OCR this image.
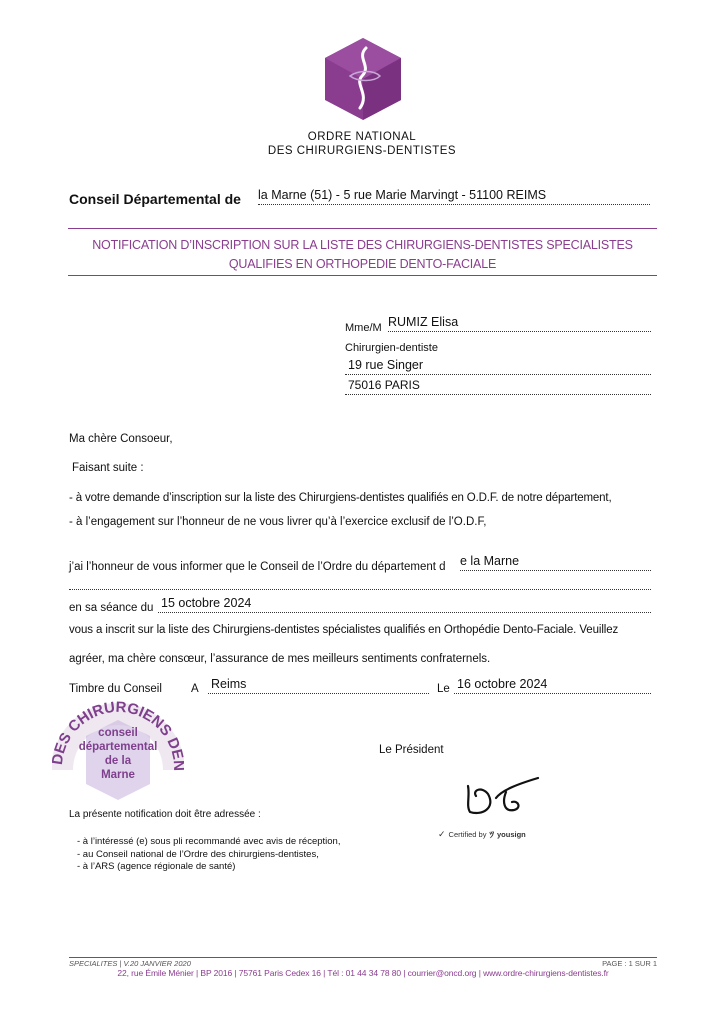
ORDRE NATIONAL
DES CHIRURGIENS-DENTISTES
Conseil Départemental de la Marne (51) - 5 rue Marie Marvingt - 51100 REIMS
NOTIFICATION D’INSCRIPTION SUR LA LISTE DES CHIRURGIENS-DENTISTES SPECIALISTES
QUALIFIES EN ORTHOPEDIE DENTO-FACIALE
Mme/M RUMIZ Elisa
Chirurgien-dentiste
19 rue Singer
75016 PARIS
Ma chère Consoeur,
Faisant suite :
- à votre demande d’inscription sur la liste des Chirurgiens-dentistes qualifiés en O.D.F. de notre département,
- à l’engagement sur l’honneur de ne vous livrer qu’à l’exercice exclusif de l’O.D.F,
j’ai l’honneur de vous informer que le Conseil de l’Ordre du département d e la Marne
en sa séance du 15 octobre 2024
vous a inscrit sur la liste des Chirurgiens-dentistes spécialistes qualifiés en Orthopédie Dento-Faciale. Veuillez
agréer, ma chère consœur, l’assurance de mes meilleurs sentiments confraternels.
Timbre du Conseil	A Reims	Le 16 octobre 2024
ES CHIRURGIENS D
conseil
départemental
de la
Marne
Le Président
✓ Certified by ﾂ yousign
La présente notification doit être adressée :
- à l’intéressé (e) sous pli recommandé avec avis de réception,
- au Conseil national de l’Ordre des chirurgiens-dentistes,
- à l’ARS (agence régionale de santé)
SPECIALITES | V.20 JANVIER 2020	PAGE : 1 SUR 1
22, rue Émile Ménier | BP 2016 | 75761 Paris Cedex 16 | Tél : 01 44 34 78 80 | courrier@oncd.org | www.ordre-chirurgiens-dentistes.fr
